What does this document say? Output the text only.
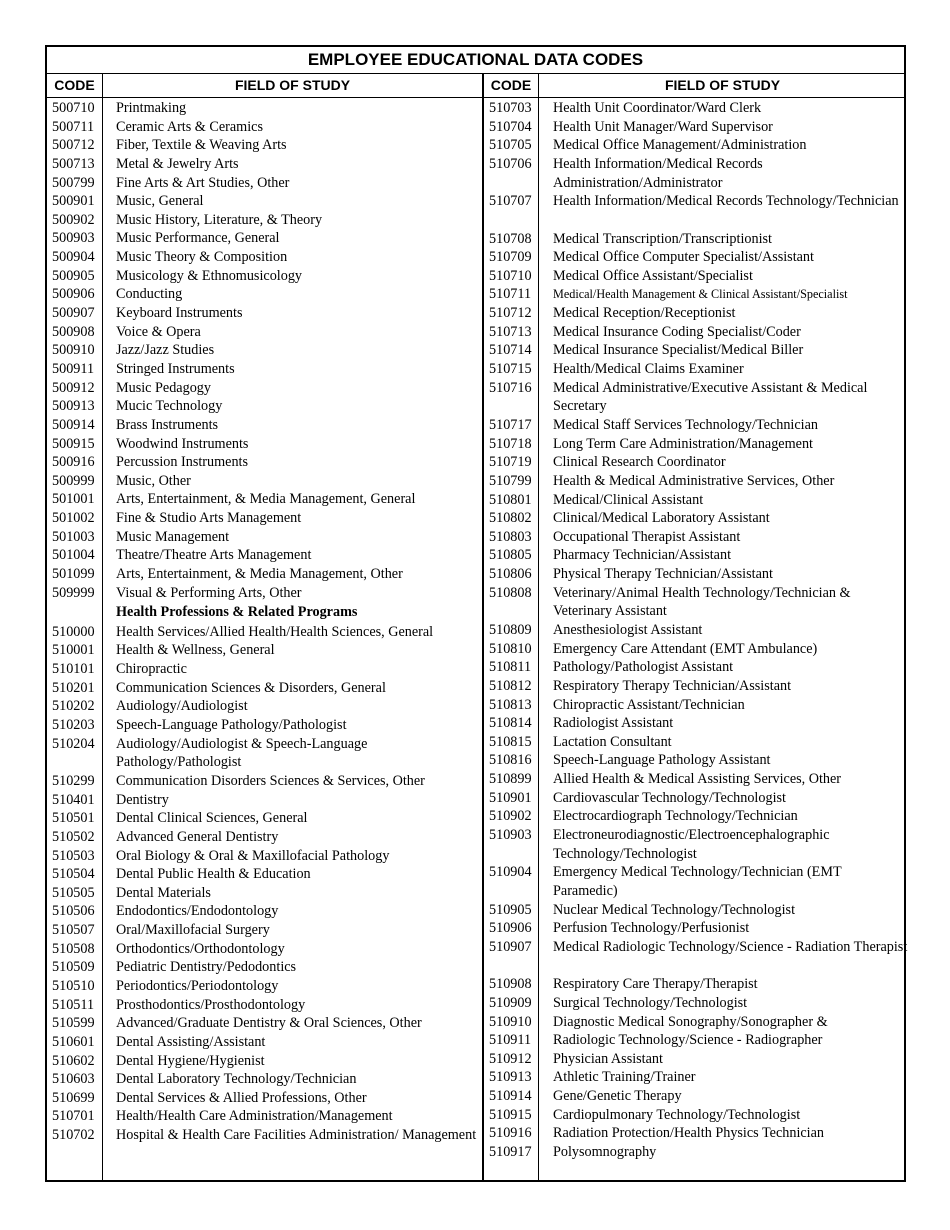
EMPLOYEE EDUCATIONAL DATA CODES
CODE	FIELD OF STUDY	CODE	FIELD OF STUDY
500710	Printmaking
500711	Ceramic Arts & Ceramics
500712	Fiber, Textile & Weaving Arts
500713	Metal & Jewelry Arts
500799	Fine Arts & Art Studies, Other
500901	Music, General
500902	Music History, Literature, & Theory
500903	Music Performance, General
500904	Music Theory & Composition
500905	Musicology & Ethnomusicology
500906	Conducting
500907	Keyboard Instruments
500908	Voice & Opera
500910	Jazz/Jazz Studies
500911	Stringed Instruments
500912	Music Pedagogy
500913	Mucic Technology
500914	Brass Instruments
500915	Woodwind Instruments
500916	Percussion Instruments
500999	Music, Other
501001	Arts, Entertainment, & Media Management, General
501002	Fine & Studio Arts Management
501003	Music Management
501004	Theatre/Theatre Arts Management
501099	Arts, Entertainment, & Media Management, Other
509999	Visual & Performing Arts, Other
Health Professions & Related Programs
510000	Health Services/Allied Health/Health Sciences, General
510001	Health & Wellness, General
510101	Chiropractic
510201	Communication Sciences & Disorders, General
510202	Audiology/Audiologist
510203	Speech-Language Pathology/Pathologist
510204	Audiology/Audiologist & Speech-Language Pathology/Pathologist
510299	Communication Disorders Sciences & Services, Other
510401	Dentistry
510501	Dental Clinical Sciences, General
510502	Advanced General Dentistry
510503	Oral Biology & Oral & Maxillofacial Pathology
510504	Dental Public Health & Education
510505	Dental Materials
510506	Endodontics/Endodontology
510507	Oral/Maxillofacial Surgery
510508	Orthodontics/Orthodontology
510509	Pediatric Dentistry/Pedodontics
510510	Periodontics/Periodontology
510511	Prosthodontics/Prosthodontology
510599	Advanced/Graduate Dentistry & Oral Sciences, Other
510601	Dental Assisting/Assistant
510602	Dental Hygiene/Hygienist
510603	Dental Laboratory Technology/Technician
510699	Dental Services & Allied Professions, Other
510701	Health/Health Care Administration/Management
510702	Hospital & Health Care Facilities Administration/ Management
510703	Health Unit Coordinator/Ward Clerk
510704	Health Unit Manager/Ward Supervisor
510705	Medical Office Management/Administration
510706	Health Information/Medical Records Administration/Administrator
510707	Health Information/Medical Records Technology/Technician
510708	Medical Transcription/Transcriptionist
510709	Medical Office Computer Specialist/Assistant
510710	Medical Office Assistant/Specialist
510711	Medical/Health Management & Clinical Assistant/Specialist
510712	Medical Reception/Receptionist
510713	Medical Insurance Coding Specialist/Coder
510714	Medical Insurance Specialist/Medical Biller
510715	Health/Medical Claims Examiner
510716	Medical Administrative/Executive Assistant & Medical Secretary
510717	Medical Staff Services Technology/Technician
510718	Long Term Care Administration/Management
510719	Clinical Research Coordinator
510799	Health & Medical Administrative Services, Other
510801	Medical/Clinical Assistant
510802	Clinical/Medical Laboratory Assistant
510803	Occupational Therapist Assistant
510805	Pharmacy Technician/Assistant
510806	Physical Therapy Technician/Assistant
510808	Veterinary/Animal Health Technology/Technician & Veterinary Assistant
510809	Anesthesiologist Assistant
510810	Emergency Care Attendant (EMT Ambulance)
510811	Pathology/Pathologist Assistant
510812	Respiratory Therapy Technician/Assistant
510813	Chiropractic Assistant/Technician
510814	Radiologist Assistant
510815	Lactation Consultant
510816	Speech-Language Pathology Assistant
510899	Allied Health & Medical Assisting Services, Other
510901	Cardiovascular Technology/Technologist
510902	Electrocardiograph Technology/Technician
510903	Electroneurodiagnostic/Electroencephalographic Technology/Technologist
510904	Emergency Medical Technology/Technician (EMT Paramedic)
510905	Nuclear Medical Technology/Technologist
510906	Perfusion Technology/Perfusionist
510907	Medical Radiologic Technology/Science - Radiation Therapist
510908	Respiratory Care Therapy/Therapist
510909	Surgical Technology/Technologist
510910	Diagnostic Medical Sonography/Sonographer &
510911	Radiologic Technology/Science - Radiographer
510912	Physician Assistant
510913	Athletic Training/Trainer
510914	Gene/Genetic Therapy
510915	Cardiopulmonary Technology/Technologist
510916	Radiation Protection/Health Physics Technician
510917	Polysomnography
